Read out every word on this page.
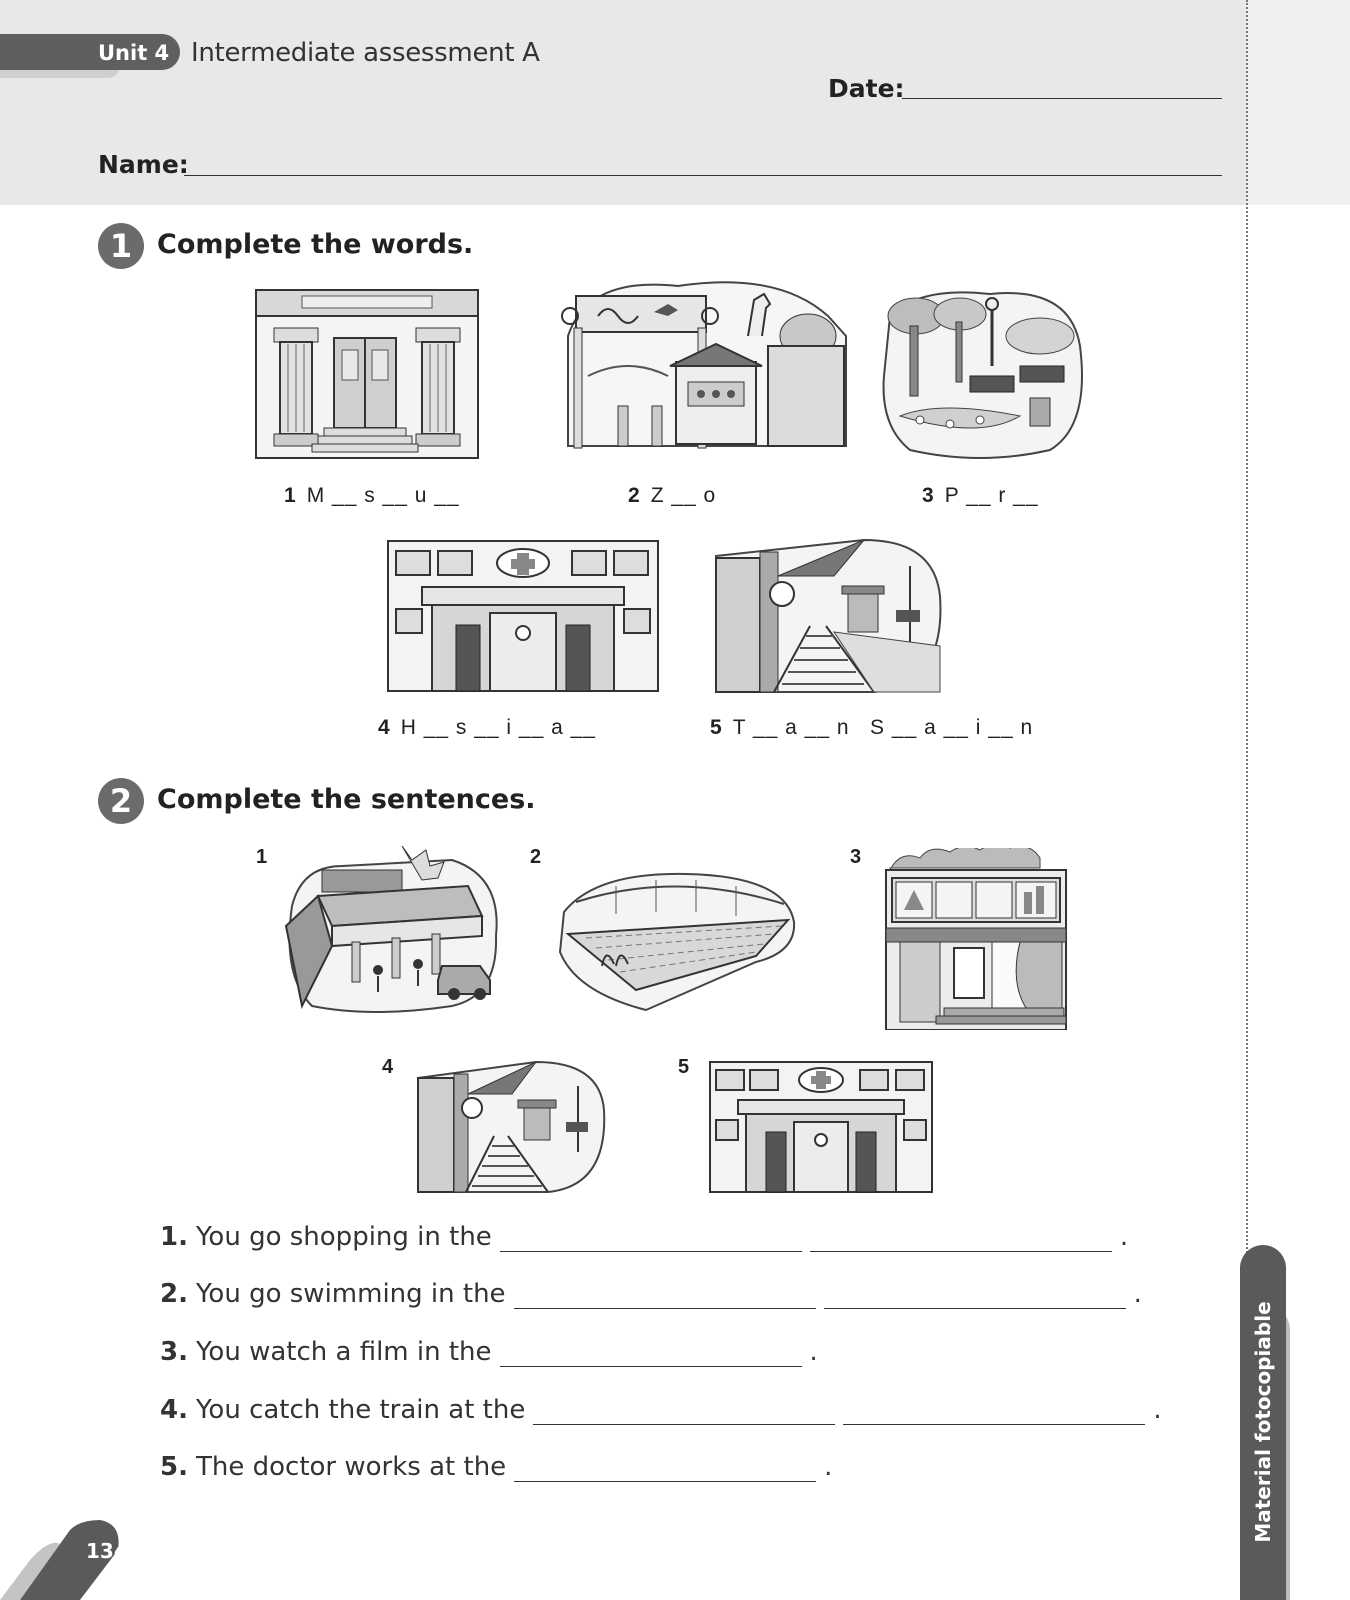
Unit 4 Intermediate assessment A
Date:
Name:
1 Complete the words.
1 M __ s __ u __	2 Z __ o	3 P __ r __
4 H __ s __ i __ a __	5 T __ a __ n   S __ a __ i __ n
2 Complete the sentences.
1	2	3
4	5
1. You go shopping in the	.
2. You go swimming in the	.
3. You watch a film in the	.
4. You catch the train at the	.
5. The doctor works at the	.
134
Material fotocopiable
